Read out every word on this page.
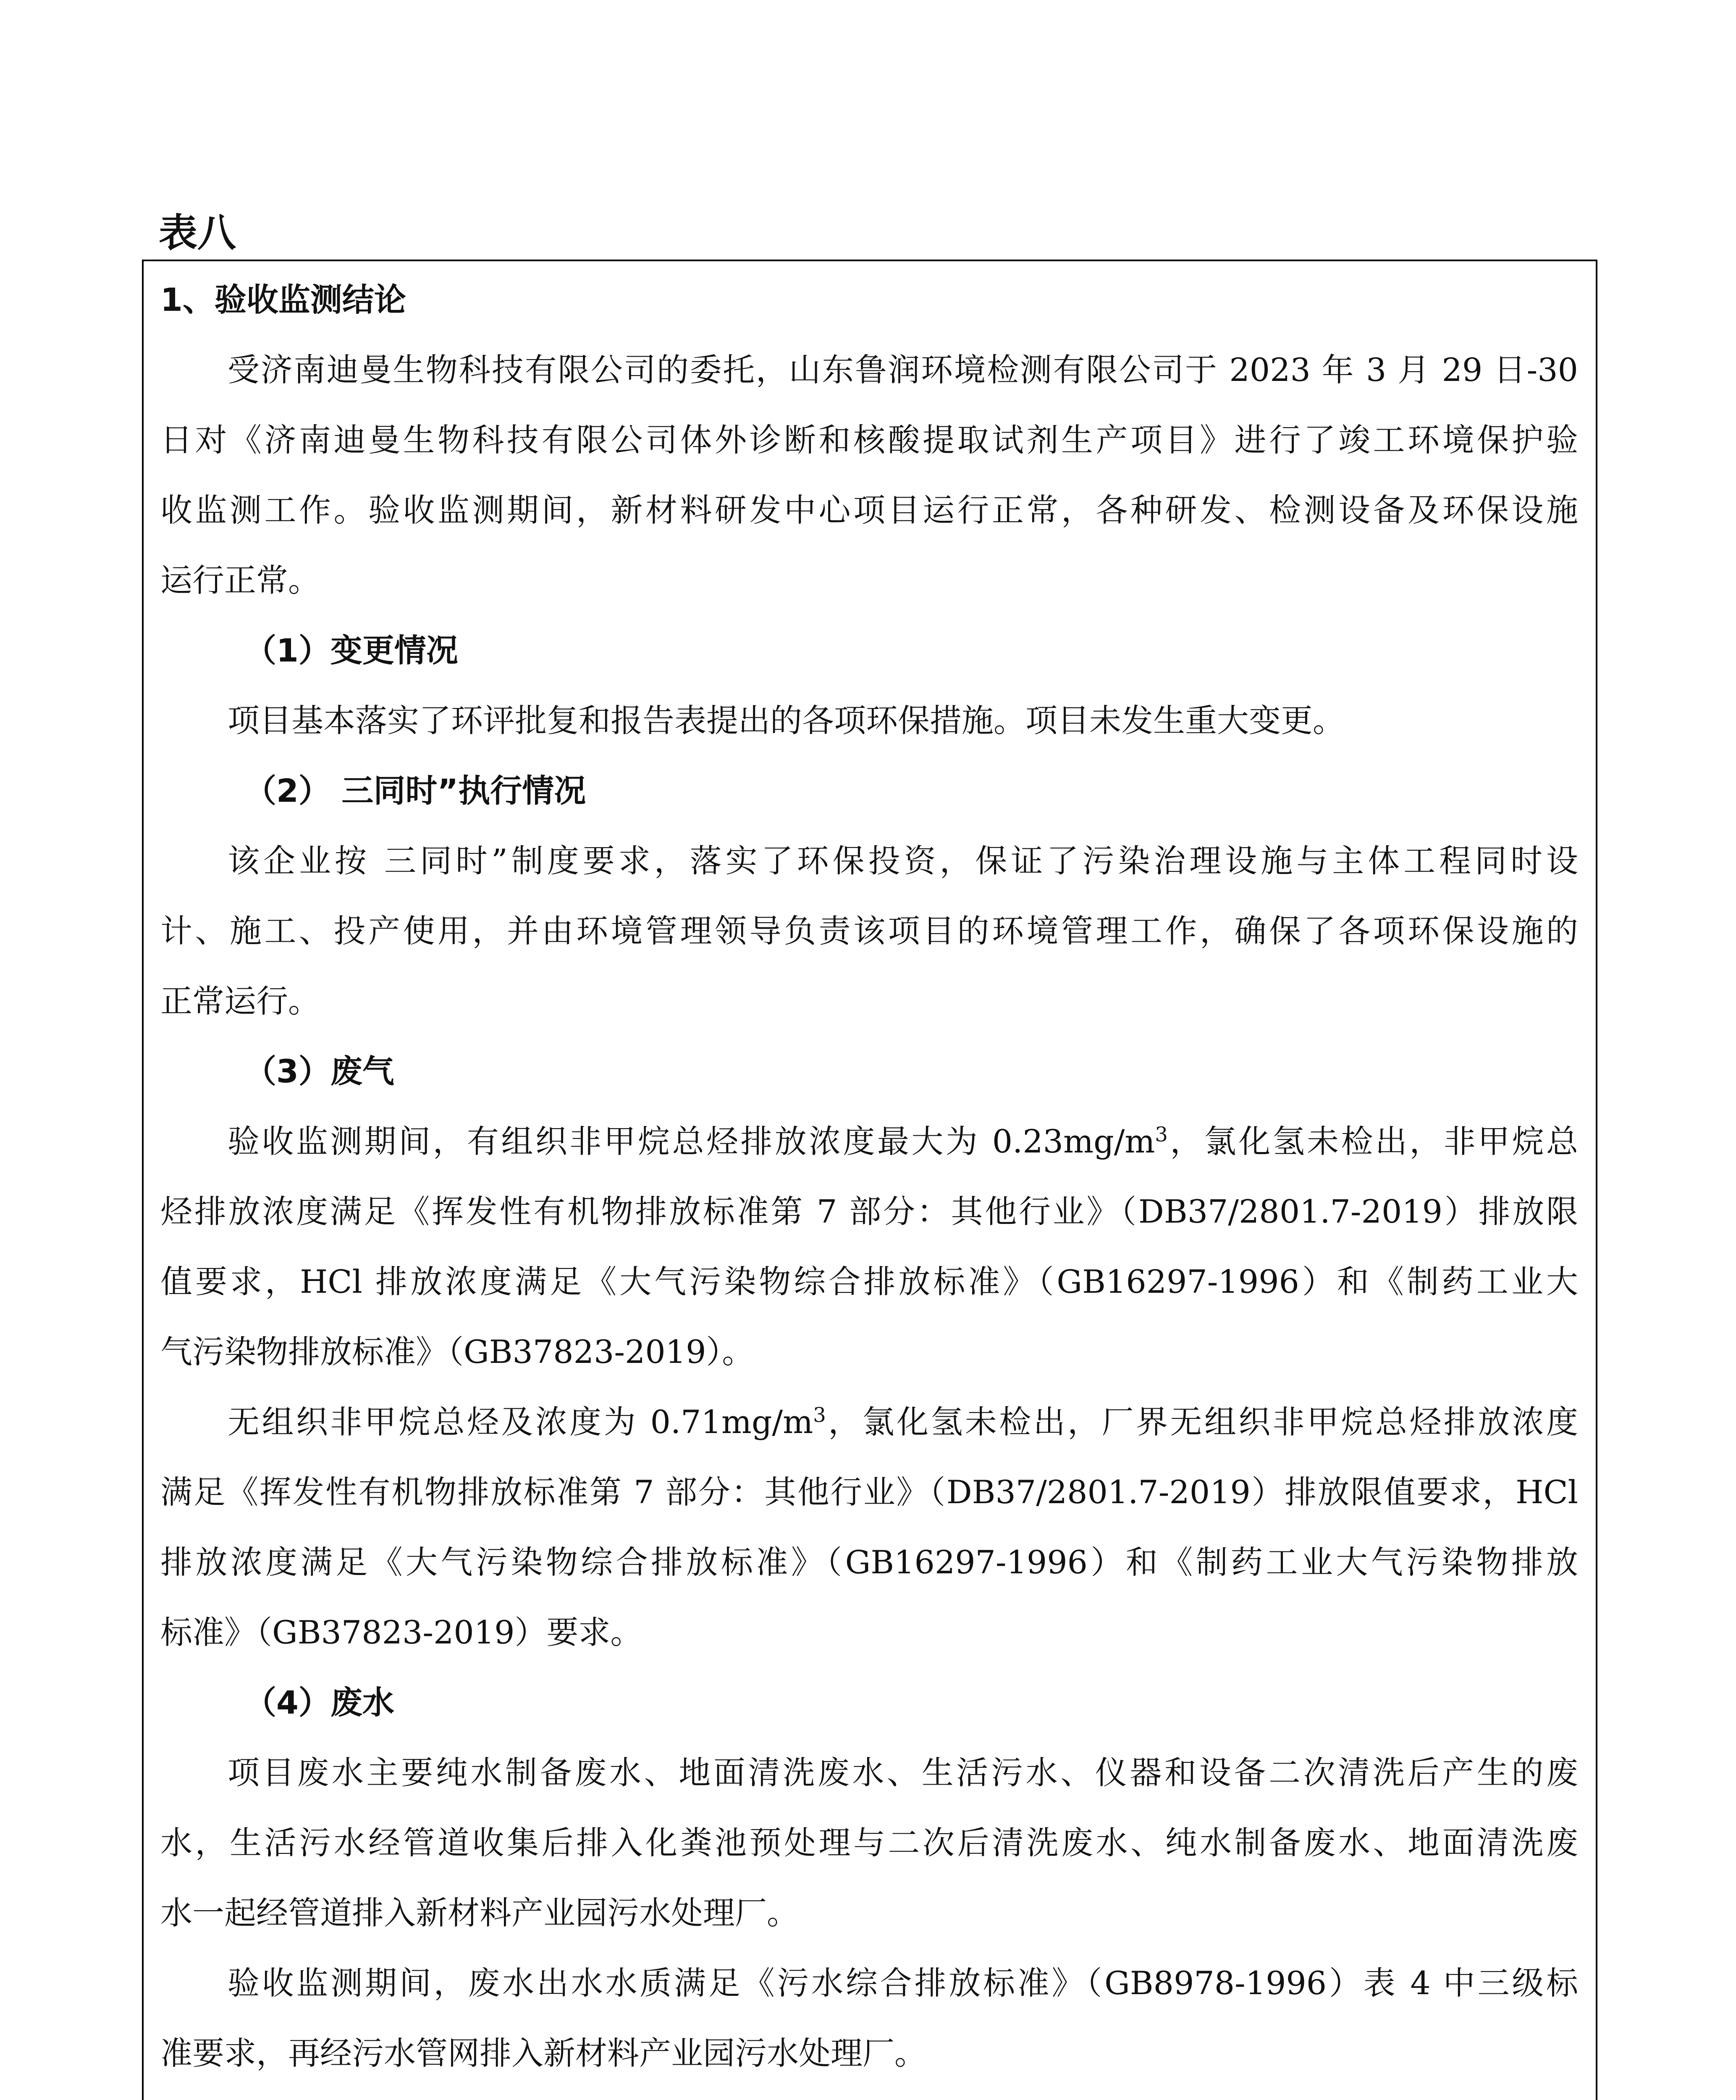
表八
1、验收监测结论
受济南迪曼生物科技有限公司的委托，山东鲁润环境检测有限公司于 2023 年 3 月 29 日-30
日对《济南迪曼生物科技有限公司体外诊断和核酸提取试剂生产项目》进行了竣工环境保护验
收监测工作。验收监测期间，新材料研发中心项目运行正常，各种研发、检测设备及环保设施
运行正常。
（1）变更情况
项目基本落实了环评批复和报告表提出的各项环保措施。项目未发生重大变更。
（2） 三同时”执行情况
该企业按 三同时”制度要求，落实了环保投资，保证了污染治理设施与主体工程同时设
计、施工、投产使用，并由环境管理领导负责该项目的环境管理工作，确保了各项环保设施的
正常运行。
（3）废气
验收监测期间，有组织非甲烷总烃排放浓度最大为 $0.23mg/m^3$，氯化氢未检出，非甲烷总
烃排放浓度满足《挥发性有机物排放标准第 7 部分：其他行业》（DB37/2801.7-2019）排放限
值要求，HCl 排放浓度满足《大气污染物综合排放标准》（GB16297-1996）和《制药工业大
气污染物排放标准》（GB37823-2019）。
无组织非甲烷总烃及浓度为 $0.71mg/m^3$，氯化氢未检出，厂界无组织非甲烷总烃排放浓度
满足《挥发性有机物排放标准第 7 部分：其他行业》（DB37/2801.7-2019）排放限值要求，HCl
排放浓度满足《大气污染物综合排放标准》（GB16297-1996）和《制药工业大气污染物排放
标准》（GB37823-2019）要求。
（4）废水
项目废水主要纯水制备废水、地面清洗废水、生活污水、仪器和设备二次清洗后产生的废
水，生活污水经管道收集后排入化粪池预处理与二次后清洗废水、纯水制备废水、地面清洗废
水一起经管道排入新材料产业园污水处理厂。
验收监测期间，废水出水水质满足《污水综合排放标准》（GB8978-1996）表 4 中三级标
准要求，再经污水管网排入新材料产业园污水处理厂。
